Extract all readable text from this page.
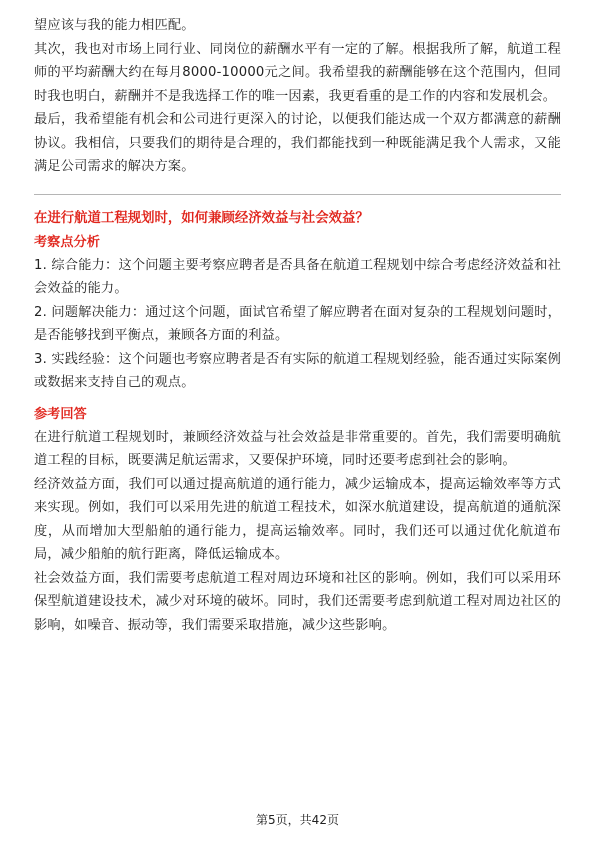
望应该与我的能力相匹配。

其次，我也对市场上同行业、同岗位的薪酬水平有一定的了解。根据我所了解，航道工程师的平均薪酬大约在每月8000-10000元之间。我希望我的薪酬能够在这个范围内，但同时我也明白，薪酬并不是我选择工作的唯一因素，我更看重的是工作的内容和发展机会。

最后，我希望能有机会和公司进行更深入的讨论，以便我们能达成一个双方都满意的薪酬协议。我相信，只要我们的期待是合理的，我们都能找到一种既能满足我个人需求，又能满足公司需求的解决方案。

在进行航道工程规划时，如何兼顾经济效益与社会效益？
考察点分析

1. 综合能力：这个问题主要考察应聘者是否具备在航道工程规划中综合考虑经济效益和社会效益的能力。

2. 问题解决能力：通过这个问题，面试官希望了解应聘者在面对复杂的工程规划问题时，是否能够找到平衡点，兼顾各方面的利益。

3. 实践经验：这个问题也考察应聘者是否有实际的航道工程规划经验，能否通过实际案例或数据来支持自己的观点。

参考回答

在进行航道工程规划时，兼顾经济效益与社会效益是非常重要的。首先，我们需要明确航道工程的目标，既要满足航运需求，又要保护环境，同时还要考虑到社会的影响。

经济效益方面，我们可以通过提高航道的通行能力，减少运输成本，提高运输效率等方式来实现。例如，我们可以采用先进的航道工程技术，如深水航道建设，提高航道的通航深度，从而增加大型船舶的通行能力，提高运输效率。同时，我们还可以通过优化航道布局，减少船舶的航行距离，降低运输成本。

社会效益方面，我们需要考虑航道工程对周边环境和社区的影响。例如，我们可以采用环保型航道建设技术，减少对环境的破坏。同时，我们还需要考虑到航道工程对周边社区的影响，如噪音、振动等，我们需要采取措施，减少这些影响。

第5页，共42页
